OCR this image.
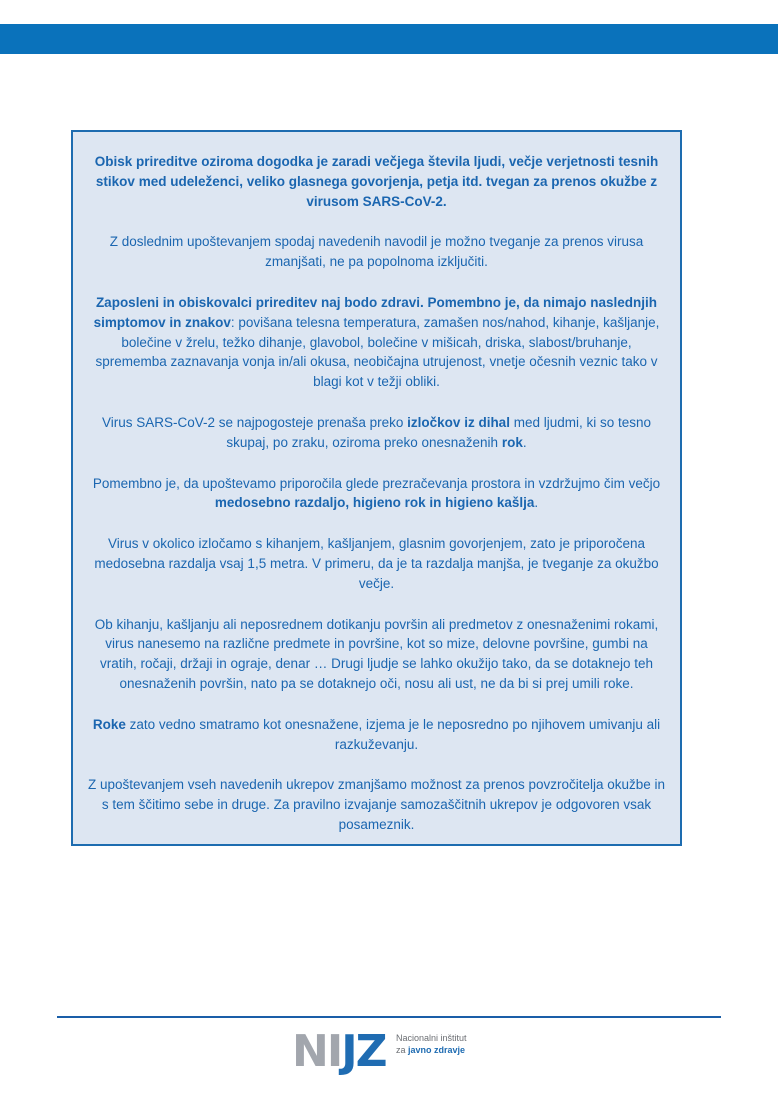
Obisk prireditve oziroma dogodka je zaradi večjega števila ljudi, večje verjetnosti tesnih stikov med udeleženci, veliko glasnega govorjenja, petja itd. tvegan za prenos okužbe z virusom SARS-CoV-2.

Z doslednim upoštevanjem spodaj navedenih navodil je možno tveganje za prenos virusa zmanjšati, ne pa popolnoma izključiti.

Zaposleni in obiskovalci prireditev naj bodo zdravi. Pomembno je, da nimajo naslednjih simptomov in znakov: povišana telesna temperatura, zamašen nos/nahod, kihanje, kašljanje, bolečine v žrelu, težko dihanje, glavobol, bolečine v mišicah, driska, slabost/bruhanje, sprememba zaznavanja vonja in/ali okusa, neobičajna utrujenost, vnetje očesnih veznic tako v blagi kot v težji obliki.

Virus SARS-CoV-2 se najpogosteje prenaša preko izločkov iz dihal med ljudmi, ki so tesno skupaj, po zraku, oziroma preko onesnaženih rok.

Pomembno je, da upoštevamo priporočila glede prezračevanja prostora in vzdržujmo čim večjo medosebno razdaljo, higieno rok in higieno kašlja.

Virus v okolico izločamo s kihanjem, kašljanjem, glasnim govorjenjem, zato je priporočena medosebna razdalja vsaj 1,5 metra. V primeru, da je ta razdalja manjša, je tveganje za okužbo večje.

Ob kihanju, kašljanju ali neposrednem dotikanju površin ali predmetov z onesnaženimi rokami, virus nanesemo na različne predmete in površine, kot so mize, delovne površine, gumbi na vratih, ročaji, držaji in ograje, denar … Drugi ljudje se lahko okužijo tako, da se dotaknejo teh onesnaženih površin, nato pa se dotaknejo oči, nosu ali ust, ne da bi si prej umili roke.

Roke zato vedno smatramo kot onesnažene, izjema je le neposredno po njihovem umivanju ali razkuževanju.

Z upoštevanjem vseh navedenih ukrepov zmanjšamo možnost za prenos povzročitelja okužbe in s tem ščitimo sebe in druge. Za pravilno izvajanje samozaščitnih ukrepov je odgovoren vsak posameznik.

NIJZ Nacionalni inštitut
za javno zdravje
